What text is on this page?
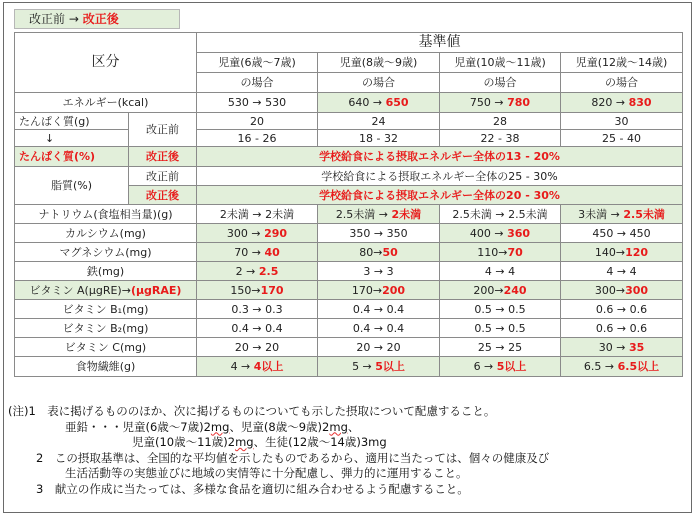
改正前 → 改正後
区分		基準値			
		児童(6歳〜7歳)	児童(8歳〜9歳)	児童(10歳〜11歳)	児童(12歳〜14歳)
		の場合	の場合	の場合	の場合
エネルギー(kcal)		530 → 530	640 → 650	750 → 780	820 → 830
たんぱく質(g)	改正前	20	24	28	30
↓		16 - 26	18 - 32	22 - 38	25 - 40
たんぱく質(%)	改正後	学校給食による摂取エネルギー全体の13 - 20%			
脂質(%)	改正前	学校給食による摂取エネルギー全体の25 - 30%			
	改正後	学校給食による摂取エネルギー全体の20 - 30%			
ナトリウム(食塩相当量)(g)		2未満 → 2未満	2.5未満 → 2未満	2.5未満 → 2.5未満	3未満 → 2.5未満
カルシウム(mg)		300 → 290	350 → 350	400 → 360	450 → 450
マグネシウム(mg)		70 → 40	80→50	110→70	140→120
鉄(mg)		2 → 2.5	3 → 3	4 → 4	4 → 4
ビタミン A(μgRE)→(μgRAE)		150→170	170→200	200→240	300→300
ビタミン B₁(mg)		0.3 → 0.3	0.4 → 0.4	0.5 → 0.5	0.6 → 0.6
ビタミン B₂(mg)		0.4 → 0.4	0.4 → 0.4	0.5 → 0.5	0.6 → 0.6
ビタミン C(mg)		20 → 20	20 → 20	25 → 25	30 → 35
食物繊維(g)		4 → 4以上	5 → 5以上	6 → 5以上	6.5 → 6.5以上
(注)1　表に掲げるもののほか、次に掲げるものについても示した摂取について配慮すること。
亜鉛・・・児童(6歳〜7歳)2mg、児童(8歳〜9歳)2mg、
児童(10歳〜11歳)2mg、生徒(12歳〜14歳)3mg
2　この摂取基準は、全国的な平均値を示したものであるから、適用に当たっては、個々の健康及び
生活活動等の実態並びに地域の実情等に十分配慮し、弾力的に運用すること。
3　献立の作成に当たっては、多様な食品を適切に組み合わせるよう配慮すること。
